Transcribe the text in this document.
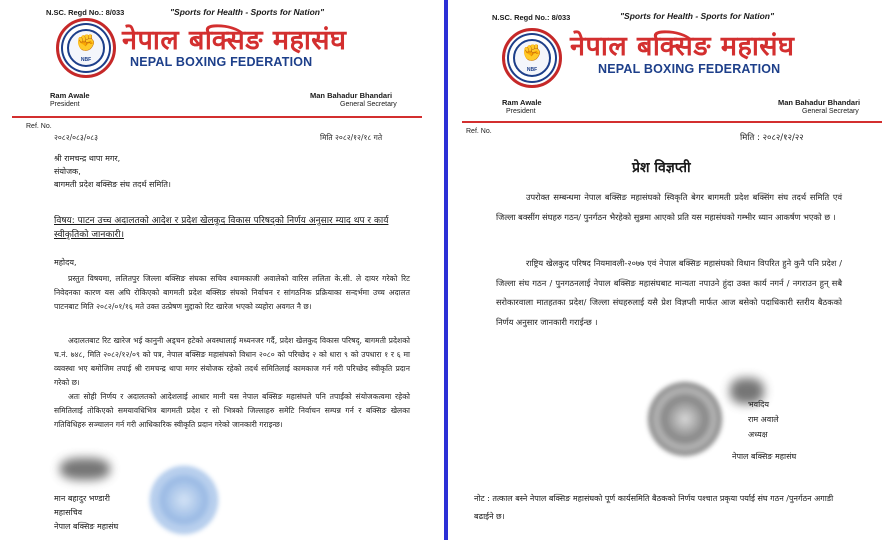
N.SC. Regd No.: 8/033	"Sports for Health - Sports for Nation"
✊
NBF
नेपाल बक्सिङ महासंघ
NEPAL BOXING FEDERATION
Ram Awale
President
Man Bahadur Bhandari
General Secretary
Ref. No.
२०८२/०८३/०८३	मिति २०८२/१२/१८ गते
श्री रामचन्द्र थापा मगर,
संयोजक,
बागमती प्रदेश बक्सिङ संघ तदर्थ समिति।
विषय: पाटन उच्च अदालतको आदेश र प्रदेश खेलकुद विकास परिषद्को निर्णय अनुसार म्याद थप र कार्य स्वीकृतिको जानकारी।
महोदय,
प्रस्तुत विषयमा, ललितपुर जिल्ला बक्सिङ संघका सचिव श्यामकाजी अवालेको वारिस ललिता के.सी. ले दायर गरेको रिट निवेदनका कारण यस अघि रोकिएको बागमती प्रदेश बक्सिङ संघको निर्वाचन र सांगठनिक प्रक्रियाका सन्दर्भमा उच्च अदालत पाटनबाट मिति २०८२/०१/१६ मते उक्त उत्प्रेषण मुद्दाको रिट खारेज भएको व्यहोरा अवगत नै छ।
अदालतबाट रिट खारेज भई कानुनी अड्चन हटेको अवस्थालाई मध्यनजर गर्दै, प्रदेश खेलकुद विकास परिषद्, बागमती प्रदेशको च.नं. ७४८, मिति २०८२/१२/०९ को पत्र, नेपाल बक्सिङ महासंघको विधान २०८० को परिच्छेद २ को धारा ९ को उपधारा १ र ६ मा व्यवस्था भए बमोजिम तपाई श्री रामचन्द्र थापा मगर संयोजक रहेको तदर्थ समितिलाई कामकाज गर्न गरी परिच्छेद स्वीकृति प्रदान गरेको छ।
अतः सोही निर्णय र अदालतको आदेशलाई आधार मानी यस नेपाल बक्सिङ महासंघले पनि तपाईंको संयोजकत्वमा रहेको समितिलाई तोकिएको समयावधिभित्र बागमती प्रदेश र सो भित्रको जिल्लाहरु समेटि निर्वाचन सम्पन्न गर्न र बक्सिङ खेलका गतिविधिहरु सञ्चालन गर्न गरी आधिकारिक स्वीकृति प्रदान गरेको जानकारी गराइन्छ।
मान बहादुर भण्डारी
महासचिव
नेपाल बक्सिङ महासंघ
N.SC. Regd No.: 8/033	"Sports for Health - Sports for Nation"
✊
NBF
नेपाल बक्सिङ महासंघ
NEPAL BOXING FEDERATION
Ram Awale
President
Man Bahadur Bhandari
General Secretary
Ref. No.
मिति : २०८२/१२/२२
प्रेश विज्ञप्ती
उपरोक्त सम्बन्धमा नेपाल बक्सिङ महासंघको स्विकृति बेगर बागमती प्रदेश बक्सिंग संघ तदर्थ समिति एवं जिल्ला बक्सींग संघहरु गठन/ पुनर्गठन भैरहेको सुन्नमा आएको प्रति यस महासंघको गम्भीर ध्यान आकर्षण भएको छ ।
राष्ट्रिय खेलकुद परिषद नियमावली-२०७७ एवं नेपाल बक्सिङ महासंघको विधान विपरित हुने कुनै पनि प्रदेश / जिल्ला संघ गठन / पुनगठनलाई नेपाल बक्सिङ महासंघबाट मान्यता नपाउने हुंदा उक्त कार्य नगर्न / नगराउन हुन् सबै सरोकारवाला मातहतका प्रदेश/ जिल्ला संघहरुलाई यसै प्रेश विज्ञप्ती मार्फत आज बसेको पदाधिकारी स्तरीय बैठकको निर्णय अनुसार जानकारी गराईन्छ ।
भवदिय
राम अवाले
अध्यक्ष
नेपाल बक्सिङ महासंघ
नोट : तत्काल बस्ने नेपाल बक्सिङ महासंघको पूर्ण कार्यसमिति बैठकको निर्णय पश्चात प्रकृया पर्याई संघ गठन /पुनर्गठन अगाडी बढाईने छ।
